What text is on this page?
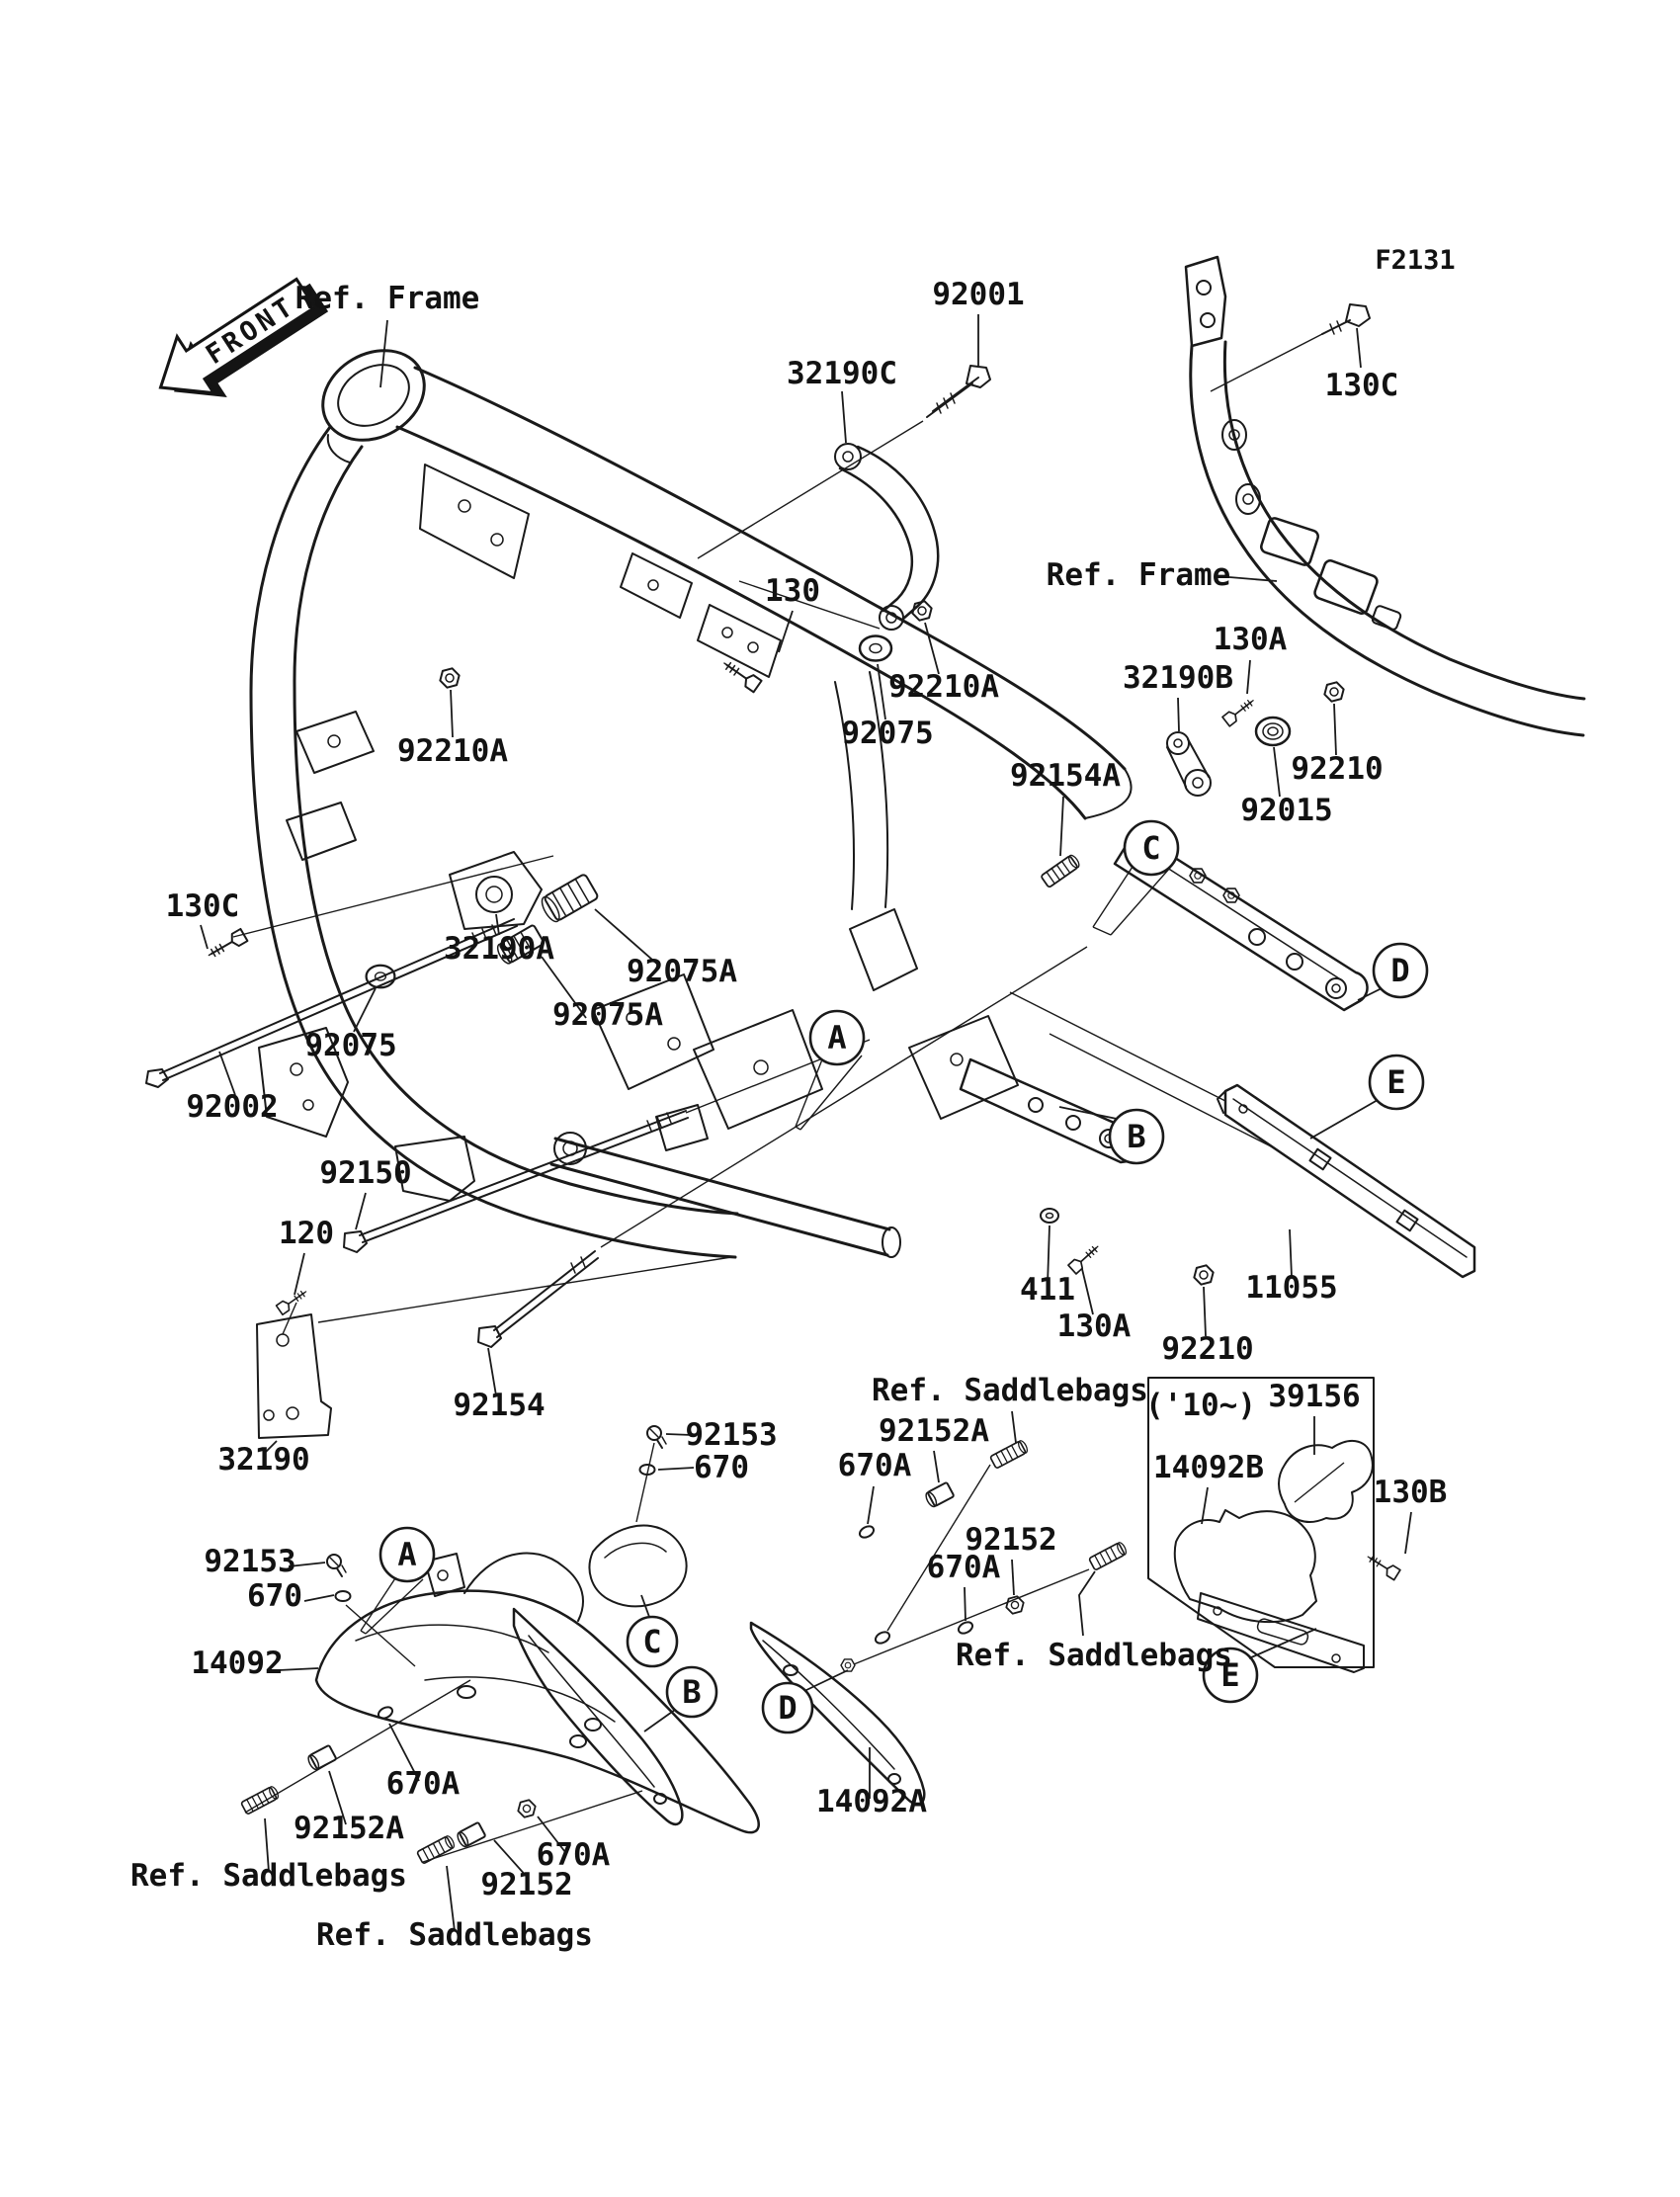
C
A
B
D
E
A
C
B D
E
FRONT
F2131
Ref. Frame	92001
32190C	130C
Ref. Frame
130
92210A
130A
32190B
92075
92154A	92210
92015
92210A
130C
32190A
92075A
92075A
92075
92002
92150
120
411
130A
92210
11055
92154
92153
670
32190
Ref. Saddlebags
92152A
670A
92152
670A
Ref. Saddlebags
('10~) 39156
14092B
130B
92153
670
14092
670A
92152A
Ref. Saddlebags
670A
92152
Ref. Saddlebags
14092A
